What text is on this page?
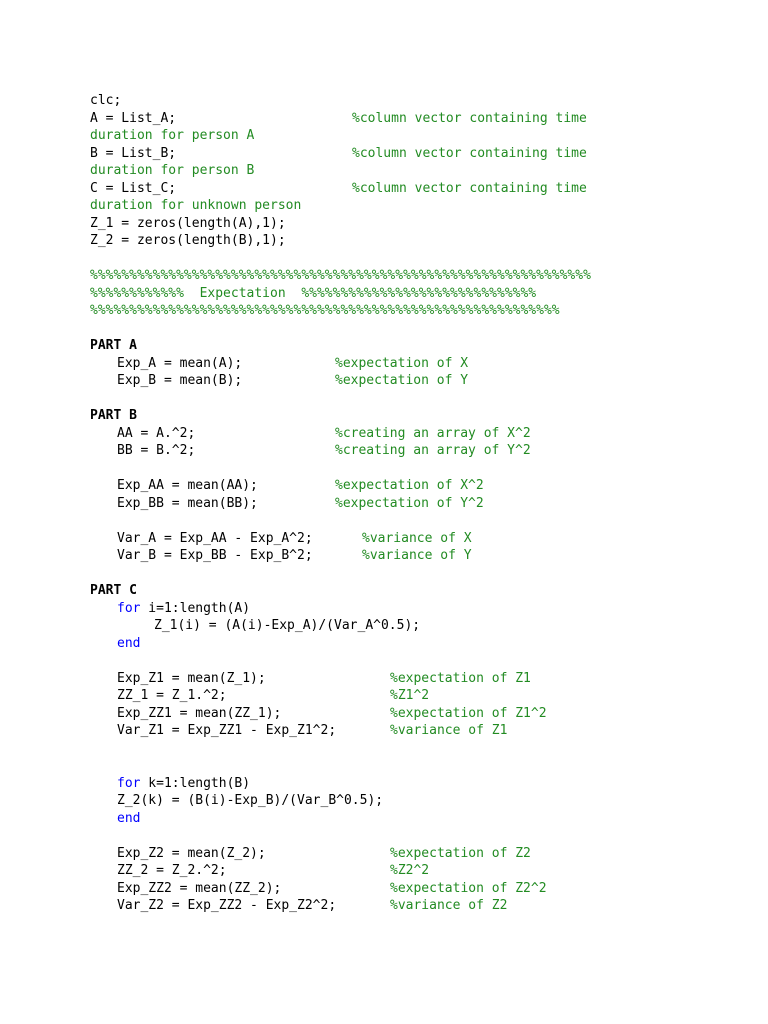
clc;
A = List_A;	%column vector containing time
duration for person A
B = List_B;	%column vector containing time
duration for person B
C = List_C;	%column vector containing time
duration for unknown person
Z_1 = zeros(length(A),1);
Z_2 = zeros(length(B),1);
%%%%%%%%%%%%%%%%%%%%%%%%%%%%%%%%%%%%%%%%%%%%%%%%%%%%%%%%%%%%%%%%
%%%%%%%%%%%%  Expectation  %%%%%%%%%%%%%%%%%%%%%%%%%%%%%%
%%%%%%%%%%%%%%%%%%%%%%%%%%%%%%%%%%%%%%%%%%%%%%%%%%%%%%%%%%%%
PART A
Exp_A = mean(A);	%expectation of X
Exp_B = mean(B);	%expectation of Y
PART B
AA = A.^2;	%creating an array of X^2
BB = B.^2;	%creating an array of Y^2
Exp_AA = mean(AA);	%expectation of X^2
Exp_BB = mean(BB);	%expectation of Y^2
Var_A = Exp_AA - Exp_A^2;	%variance of X
Var_B = Exp_BB - Exp_B^2;	%variance of Y
PART C
for i=1:length(A)
Z_1(i) = (A(i)-Exp_A)/(Var_A^0.5);
end
Exp_Z1 = mean(Z_1);	%expectation of Z1
ZZ_1 = Z_1.^2;	%Z1^2
Exp_ZZ1 = mean(ZZ_1);	%expectation of Z1^2
Var_Z1 = Exp_ZZ1 - Exp_Z1^2;	%variance of Z1
for k=1:length(B)
Z_2(k) = (B(i)-Exp_B)/(Var_B^0.5);
end
Exp_Z2 = mean(Z_2);	%expectation of Z2
ZZ_2 = Z_2.^2;	%Z2^2
Exp_ZZ2 = mean(ZZ_2);	%expectation of Z2^2
Var_Z2 = Exp_ZZ2 - Exp_Z2^2;	%variance of Z2
